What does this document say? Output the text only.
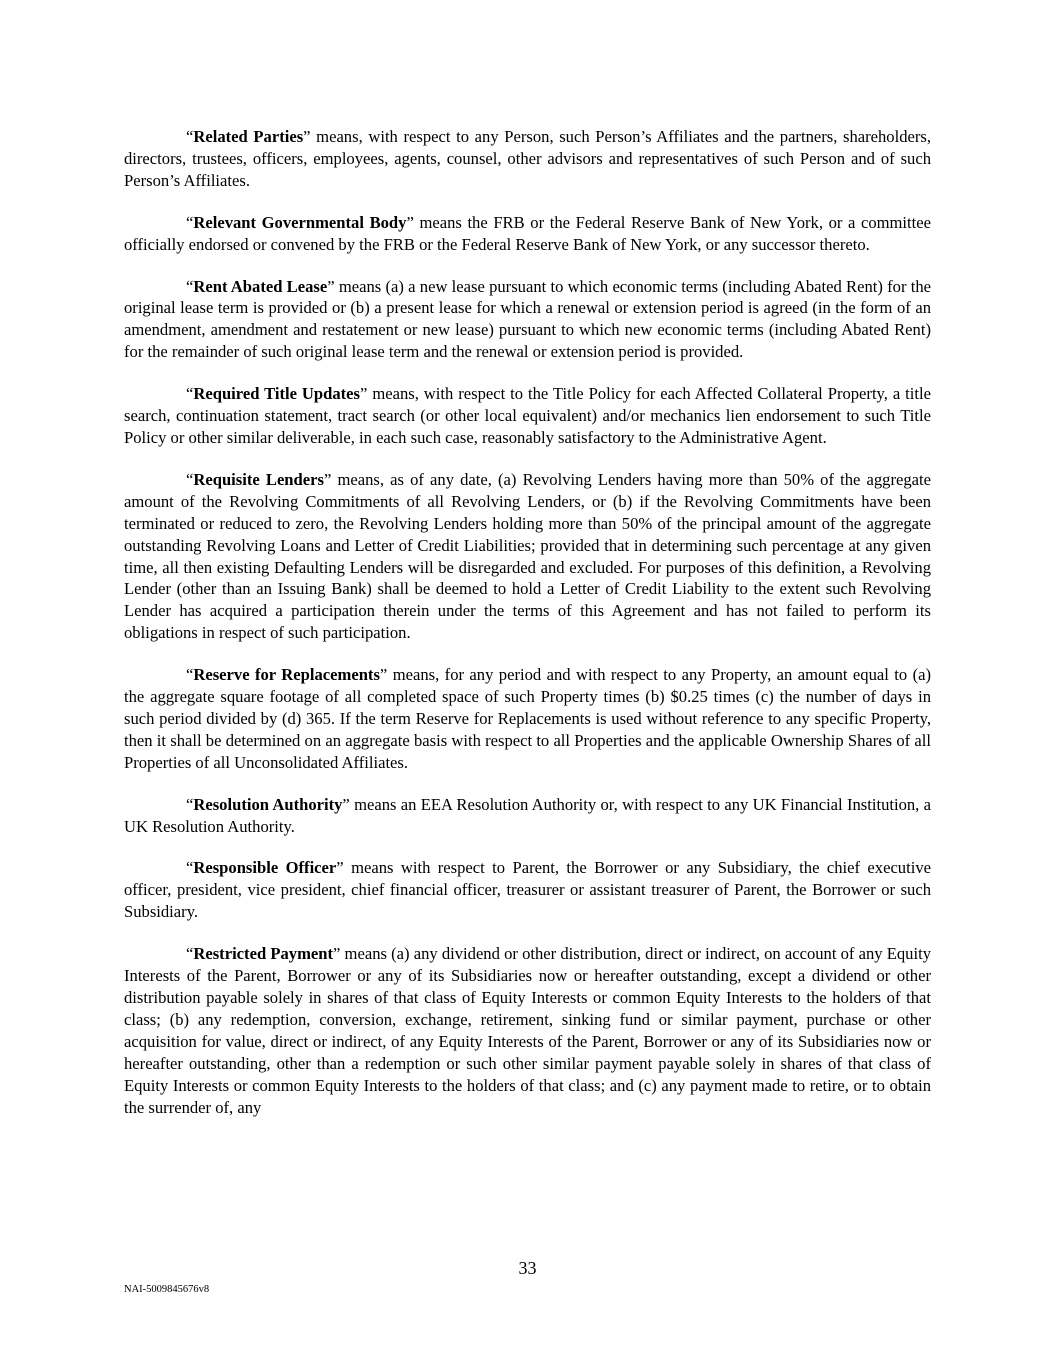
“Related Parties” means, with respect to any Person, such Person’s Affiliates and the partners, shareholders, directors, trustees, officers, employees, agents, counsel, other advisors and representatives of such Person and of such Person’s Affiliates.

“Relevant Governmental Body” means the FRB or the Federal Reserve Bank of New York, or a committee officially endorsed or convened by the FRB or the Federal Reserve Bank of New York, or any successor thereto.

“Rent Abated Lease” means (a) a new lease pursuant to which economic terms (including Abated Rent) for the original lease term is provided or (b) a present lease for which a renewal or extension period is agreed (in the form of an amendment, amendment and restatement or new lease) pursuant to which new economic terms (including Abated Rent) for the remainder of such original lease term and the renewal or extension period is provided.

“Required Title Updates” means, with respect to the Title Policy for each Affected Collateral Property, a title search, continuation statement, tract search (or other local equivalent) and/or mechanics lien endorsement to such Title Policy or other similar deliverable, in each such case, reasonably satisfactory to the Administrative Agent.

“Requisite Lenders” means, as of any date, (a) Revolving Lenders having more than 50% of the aggregate amount of the Revolving Commitments of all Revolving Lenders, or (b) if the Revolving Commitments have been terminated or reduced to zero, the Revolving Lenders holding more than 50% of the principal amount of the aggregate outstanding Revolving Loans and Letter of Credit Liabilities; provided that in determining such percentage at any given time, all then existing Defaulting Lenders will be disregarded and excluded. For purposes of this definition, a Revolving Lender (other than an Issuing Bank) shall be deemed to hold a Letter of Credit Liability to the extent such Revolving Lender has acquired a participation therein under the terms of this Agreement and has not failed to perform its obligations in respect of such participation.

“Reserve for Replacements” means, for any period and with respect to any Property, an amount equal to (a) the aggregate square footage of all completed space of such Property times (b) $0.25 times (c) the number of days in such period divided by (d) 365. If the term Reserve for Replacements is used without reference to any specific Property, then it shall be determined on an aggregate basis with respect to all Properties and the applicable Ownership Shares of all Properties of all Unconsolidated Affiliates.

“Resolution Authority” means an EEA Resolution Authority or, with respect to any UK Financial Institution, a UK Resolution Authority.

“Responsible Officer” means with respect to Parent, the Borrower or any Subsidiary, the chief executive officer, president, vice president, chief financial officer, treasurer or assistant treasurer of Parent, the Borrower or such Subsidiary.

“Restricted Payment” means (a) any dividend or other distribution, direct or indirect, on account of any Equity Interests of the Parent, Borrower or any of its Subsidiaries now or hereafter outstanding, except a dividend or other distribution payable solely in shares of that class of Equity Interests or common Equity Interests to the holders of that class; (b) any redemption, conversion, exchange, retirement, sinking fund or similar payment, purchase or other acquisition for value, direct or indirect, of any Equity Interests of the Parent, Borrower or any of its Subsidiaries now or hereafter outstanding, other than a redemption or such other similar payment payable solely in shares of that class of Equity Interests or common Equity Interests to the holders of that class; and (c) any payment made to retire, or to obtain the surrender of, any

33
NAI-5009845676v8
